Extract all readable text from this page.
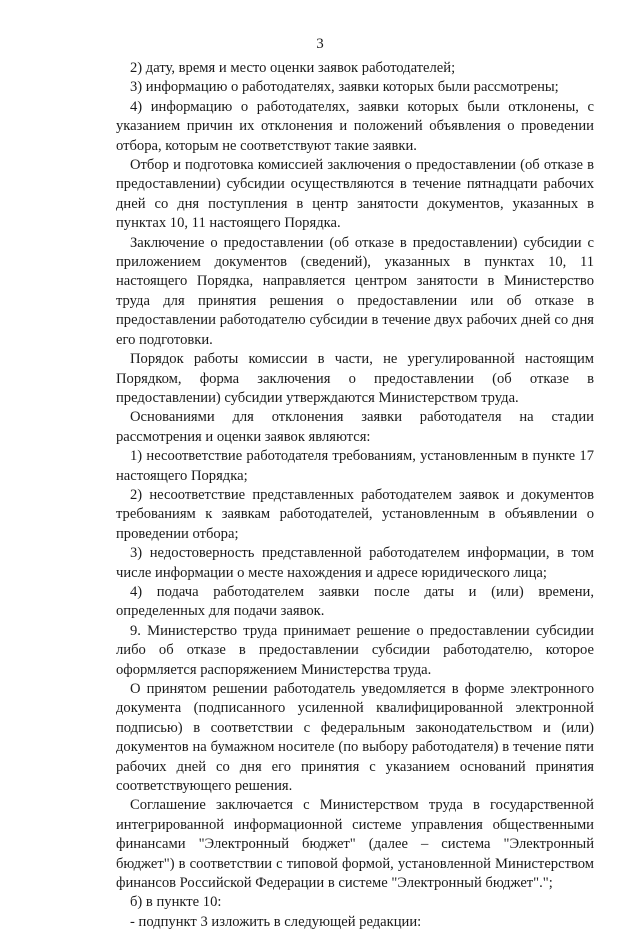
3

2) дату, время и место оценки заявок работодателей;

3) информацию о работодателях, заявки которых были рассмотрены;

4) информацию о работодателях, заявки которых были отклонены, с указанием причин их отклонения и положений объявления о проведении отбора, которым не соответствуют такие заявки.

Отбор и подготовка комиссией заключения о предоставлении (об отказе в предоставлении) субсидии осуществляются в течение пятнадцати рабочих дней со дня поступления в центр занятости документов, указанных в пунктах 10, 11 настоящего Порядка.

Заключение о предоставлении (об отказе в предоставлении) субсидии с приложением документов (сведений), указанных в пунктах 10, 11 настоящего Порядка, направляется центром занятости в Министерство труда для принятия решения о предоставлении или об отказе в предоставлении работодателю субсидии в течение двух рабочих дней со дня его подготовки.

Порядок работы комиссии в части, не урегулированной настоящим Порядком, форма заключения о предоставлении (об отказе в предоставлении) субсидии утверждаются Министерством труда.

Основаниями для отклонения заявки работодателя на стадии рассмотрения и оценки заявок являются:

1) несоответствие работодателя требованиям, установленным в пункте 17 настоящего Порядка;

2) несоответствие представленных работодателем заявок и документов требованиям к заявкам работодателей, установленным в объявлении о проведении отбора;

3) недостоверность представленной работодателем информации, в том числе информации о месте нахождения и адресе юридического лица;

4) подача работодателем заявки после даты и (или) времени, определенных для подачи заявок.

9. Министерство труда принимает решение о предоставлении субсидии либо об отказе в предоставлении субсидии работодателю, которое оформляется распоряжением Министерства труда.

О принятом решении работодатель уведомляется в форме электронного документа (подписанного усиленной квалифицированной электронной подписью) в соответствии с федеральным законодательством и (или) документов на бумажном носителе (по выбору работодателя) в течение пяти рабочих дней со дня его принятия с указанием оснований принятия соответствующего решения.

Соглашение заключается с Министерством труда в государственной интегрированной информационной системе управления общественными финансами "Электронный бюджет" (далее – система "Электронный бюджет") в соответствии с типовой формой, установленной Министерством финансов Российской Федерации в системе "Электронный бюджет".";

б) в пункте 10:

- подпункт 3 изложить в следующей редакции:
